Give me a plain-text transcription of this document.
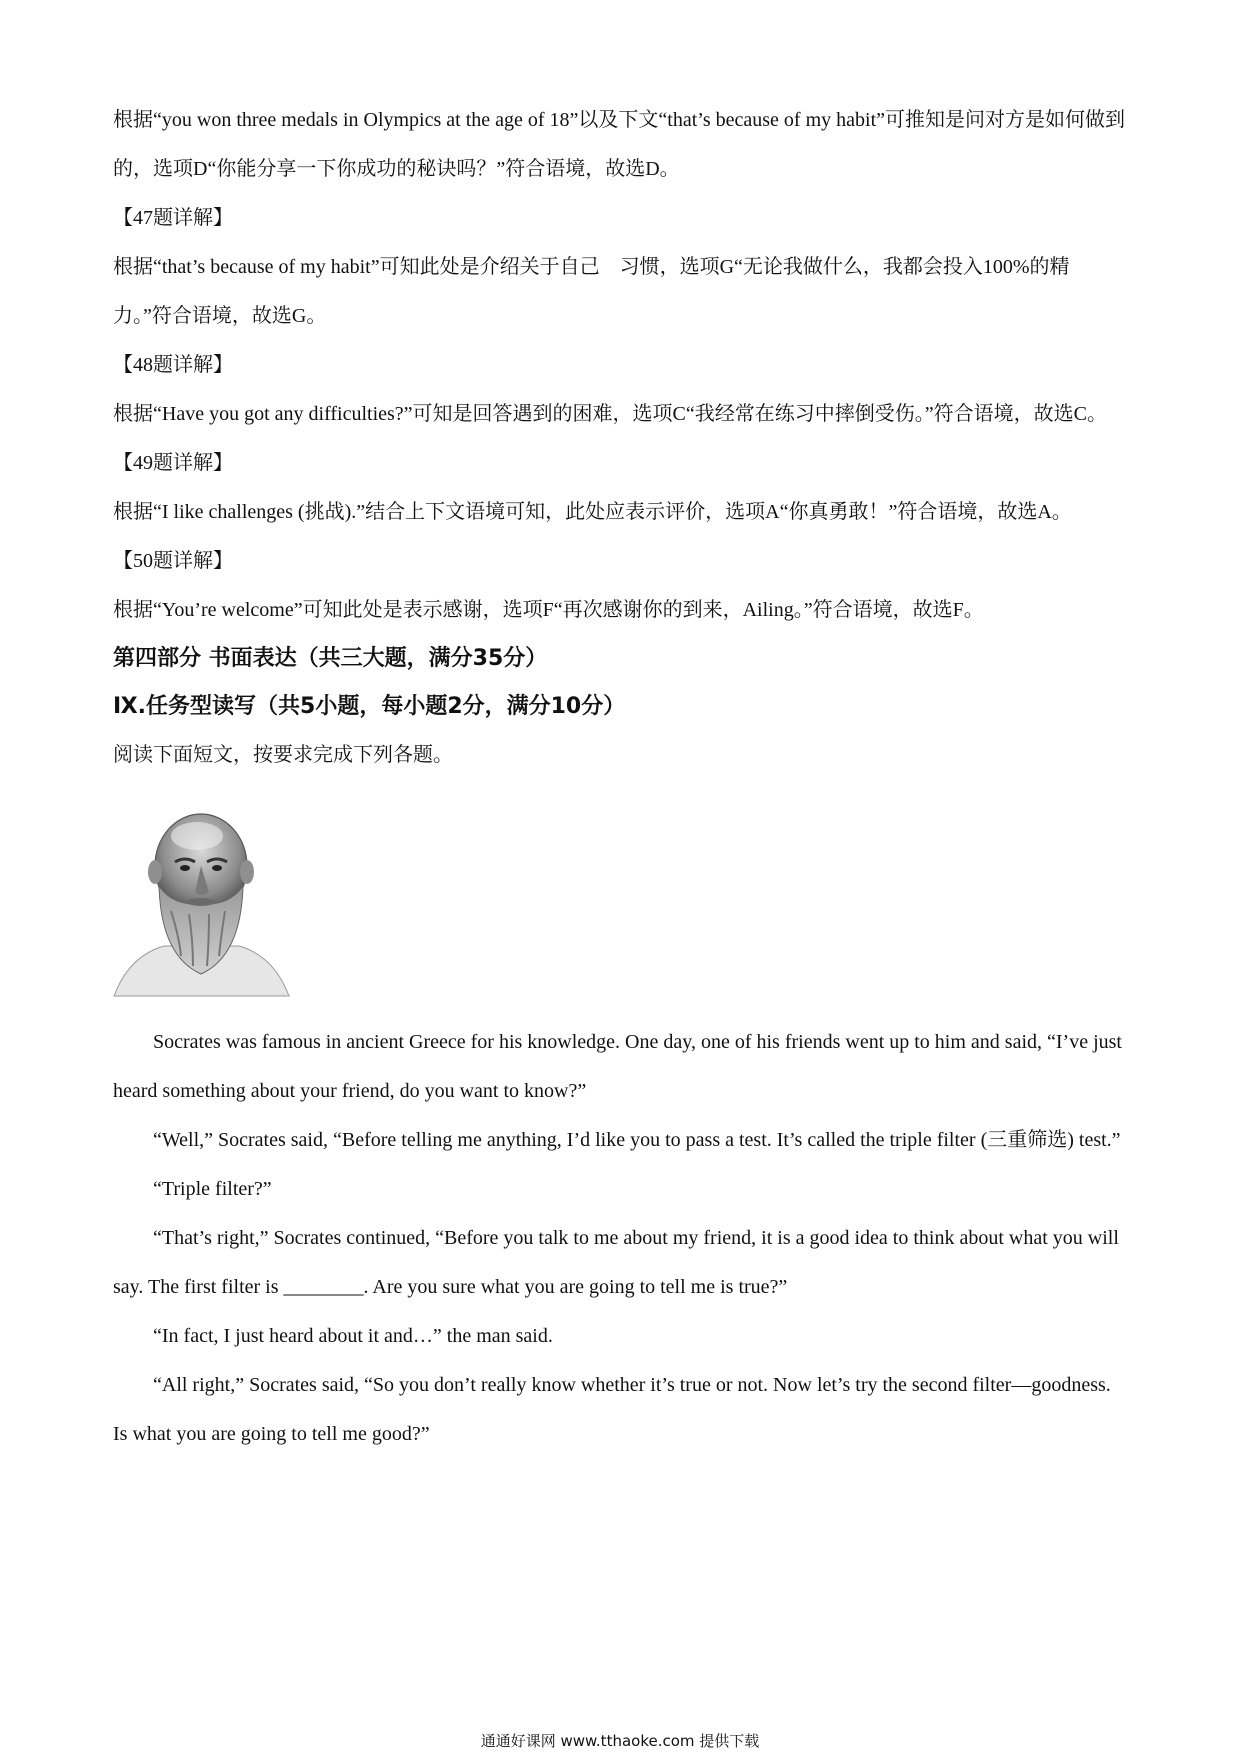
根据“you won three medals in Olympics at the age of 18”以及下文“that’s because of my habit”可推知是问对方是如何做到的，选项D“你能分享一下你成功的秘诀吗？”符合语境，故选D。

【47题详解】

根据“that’s because of my habit”可知此处是介绍关于自己　习惯，选项G“无论我做什么，我都会投入100%的精力。”符合语境，故选G。

【48题详解】

根据“Have you got any difficulties?”可知是回答遇到的困难，选项C“我经常在练习中摔倒受伤。”符合语境，故选C。

【49题详解】

根据“I like challenges (挑战).”结合上下文语境可知，此处应表示评价，选项A“你真勇敢！”符合语境，故选A。

【50题详解】

根据“You’re welcome”可知此处是表示感谢，选项F“再次感谢你的到来，Ailing。”符合语境，故选F。

第四部分 书面表达（共三大题，满分35分）

Ⅸ.任务型读写（共5小题，每小题2分，满分10分）

阅读下面短文，按要求完成下列各题。

Socrates was famous in ancient Greece for his knowledge. One day, one of his friends went up to him and said, “I’ve just heard something about your friend, do you want to know?”

“Well,” Socrates said, “Before telling me anything, I’d like you to pass a test. It’s called the triple filter (三重筛选) test.”

“Triple filter?”

“That’s right,” Socrates continued, “Before you talk to me about my friend, it is a good idea to think about what you will say. The first filter is ________. Are you sure what you are going to tell me is true?”

“In fact, I just heard about it and…” the man said.

“All right,” Socrates said, “So you don’t really know whether it’s true or not. Now let’s try the second filter—goodness. Is what you are going to tell me good?”

通通好课网 www.tthaoke.com 提供下载
